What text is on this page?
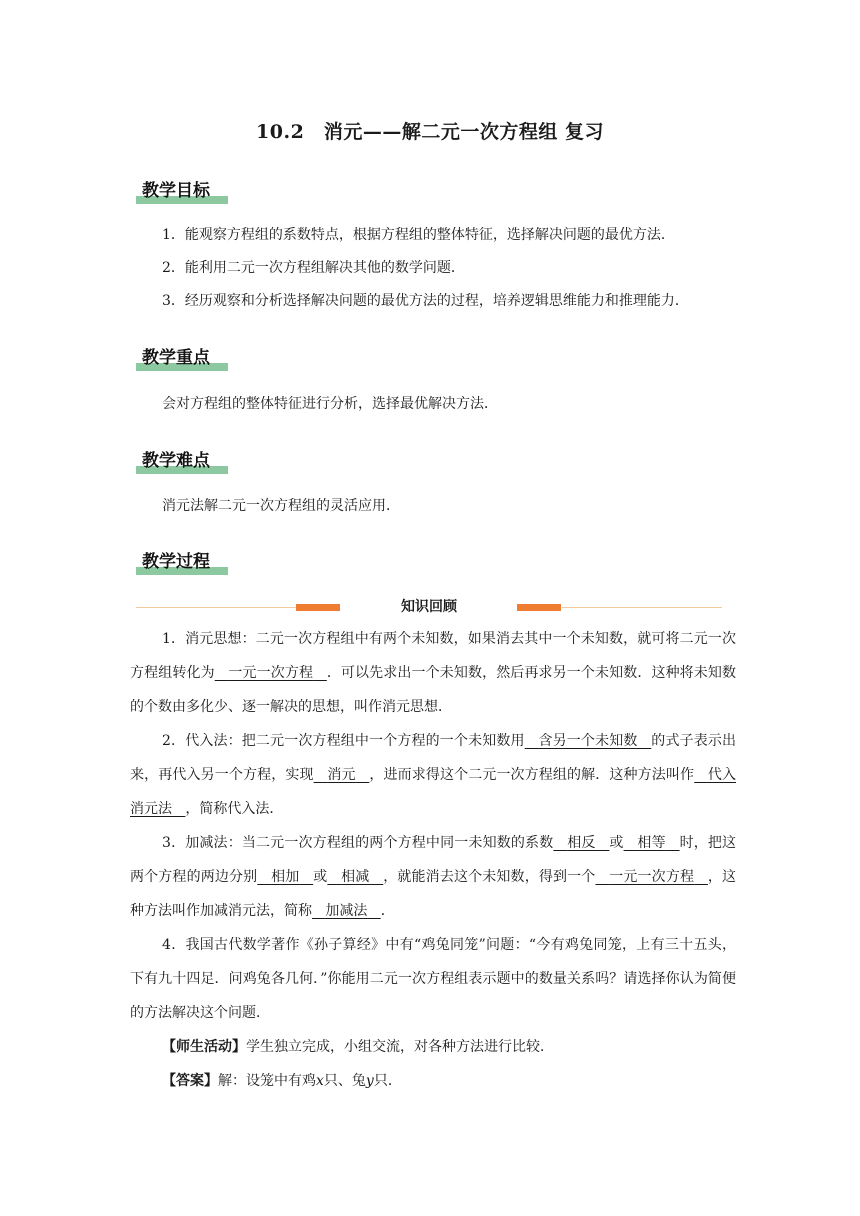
10.2　消元——解二元一次方程组 复习
教学目标
1．能观察方程组的系数特点，根据方程组的整体特征，选择解决问题的最优方法．
2．能利用二元一次方程组解决其他的数学问题．
3．经历观察和分析选择解决问题的最优方法的过程，培养逻辑思维能力和推理能力．
教学重点
会对方程组的整体特征进行分析，选择最优解决方法．
教学难点
消元法解二元一次方程组的灵活应用．
教学过程
知识回顾
1．消元思想：二元一次方程组中有两个未知数，如果消去其中一个未知数，就可将二元一次方程组转化为 一元一次方程 ．可以先求出一个未知数，然后再求另一个未知数．这种将未知数的个数由多化少、逐一解决的思想，叫作消元思想．
2．代入法：把二元一次方程组中一个方程的一个未知数用 含另一个未知数 的式子表示出来，再代入另一个方程，实现 消元 ，进而求得这个二元一次方程组的解．这种方法叫作 代入消元法 ，简称代入法．
3．加减法：当二元一次方程组的两个方程中同一未知数的系数 相反 或 相等 时，把这两个方程的两边分别 相加 或 相减 ，就能消去这个未知数，得到一个 一元一次方程 ，这种方法叫作加减消元法，简称 加减法 ．
4．我国古代数学著作《孙子算经》中有“鸡兔同笼”问题：“今有鸡兔同笼，上有三十五头，下有九十四足．问鸡兔各几何．”你能用二元一次方程组表示题中的数量关系吗？请选择你认为简便的方法解决这个问题．
【师生活动】学生独立完成，小组交流，对各种方法进行比较．
【答案】解：设笼中有鸡x只、兔y只．
